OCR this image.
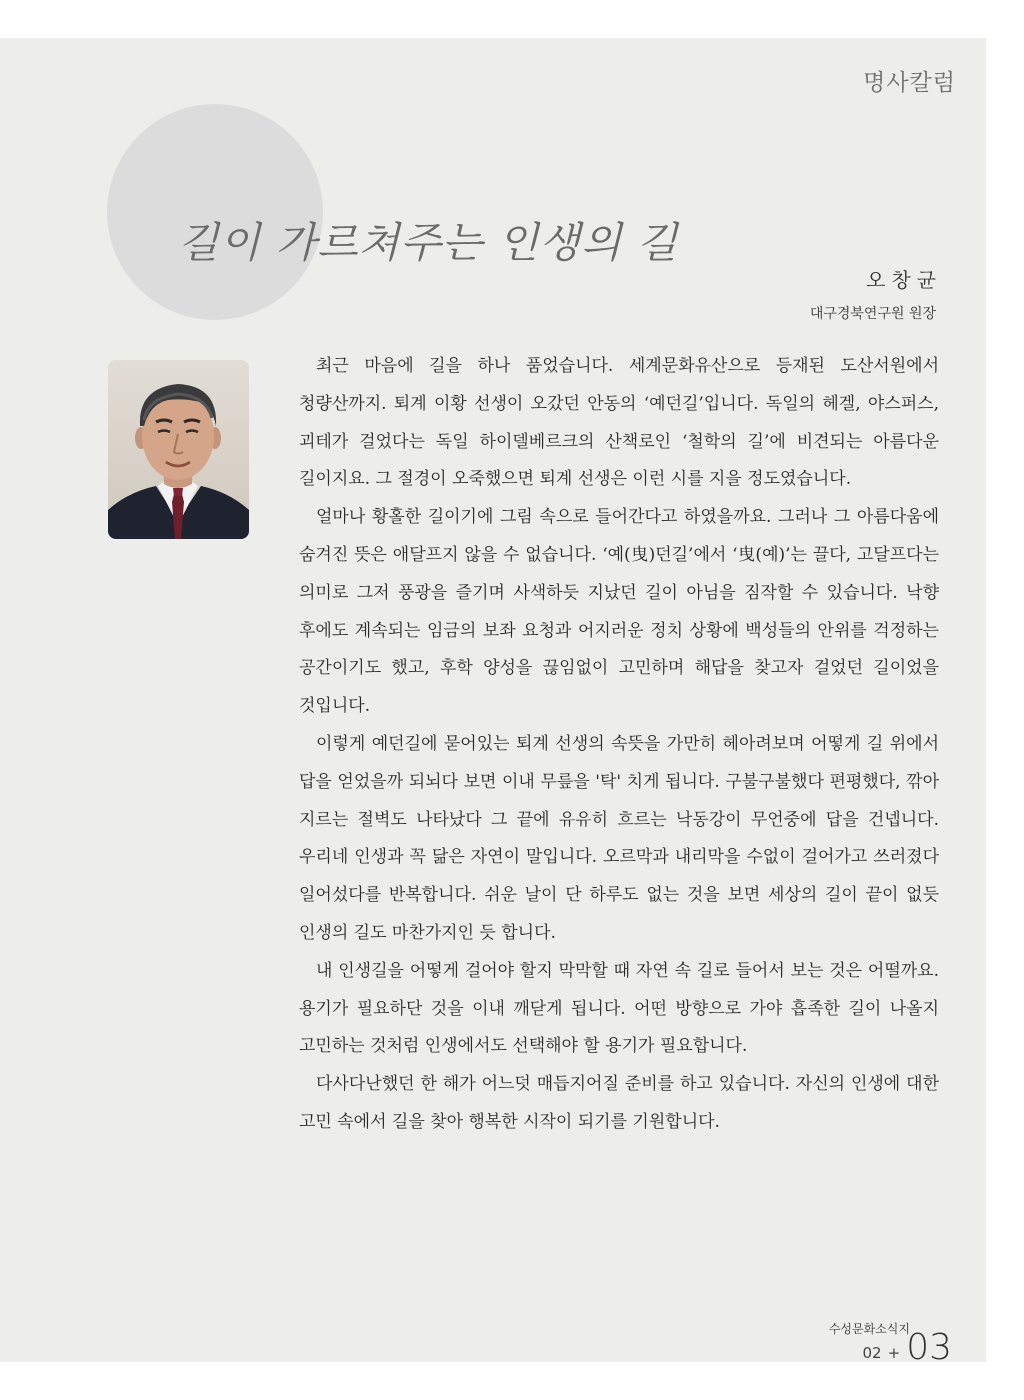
명사칼럼
길이 가르쳐주는 인생의 길
오창균
대구경북연구원 원장

최근 마음에 길을 하나 품었습니다. 세계문화유산으로 등재된 도산서원에서 청량산까지. 퇴계 이황 선생이 오갔던 안동의 ‘예던길’입니다. 독일의 헤겔, 야스퍼스, 괴테가 걸었다는 독일 하이델베르크의 산책로인 ‘철학의 길’에 비견되는 아름다운 길이지요. 그 절경이 오죽했으면 퇴계 선생은 이런 시를 지을 정도였습니다.

얼마나 황홀한 길이기에 그림 속으로 들어간다고 하였을까요. 그러나 그 아름다움에 숨겨진 뜻은 애달프지 않을 수 없습니다. ‘예(曳)던길’에서 ‘曳(예)’는 끌다, 고달프다는 의미로 그저 풍광을 즐기며 사색하듯 지났던 길이 아님을 짐작할 수 있습니다. 낙향 후에도 계속되는 임금의 보좌 요청과 어지러운 정치 상황에 백성들의 안위를 걱정하는 공간이기도 했고, 후학 양성을 끊임없이 고민하며 해답을 찾고자 걸었던 길이었을 것입니다.

이렇게 예던길에 묻어있는 퇴계 선생의 속뜻을 가만히 헤아려보며 어떻게 길 위에서 답을 얻었을까 되뇌다 보면 이내 무릎을 '탁' 치게 됩니다. 구불구불했다 편평했다, 깎아 지르는 절벽도 나타났다 그 끝에 유유히 흐르는 낙동강이 무언중에 답을 건넵니다. 우리네 인생과 꼭 닮은 자연이 말입니다. 오르막과 내리막을 수없이 걸어가고 쓰러졌다 일어섰다를 반복합니다. 쉬운 날이 단 하루도 없는 것을 보면 세상의 길이 끝이 없듯 인생의 길도 마찬가지인 듯 합니다.

내 인생길을 어떻게 걸어야 할지 막막할 때 자연 속 길로 들어서 보는 것은 어떨까요. 용기가 필요하단 것을 이내 깨닫게 됩니다. 어떤 방향으로 가야 흡족한 길이 나올지 고민하는 것처럼 인생에서도 선택해야 할 용기가 필요합니다.

다사다난했던 한 해가 어느덧 매듭지어질 준비를 하고 있습니다. 자신의 인생에 대한 고민 속에서 길을 찾아 행복한 시작이 되기를 기원합니다.

수성문화소식지
02 + 03
